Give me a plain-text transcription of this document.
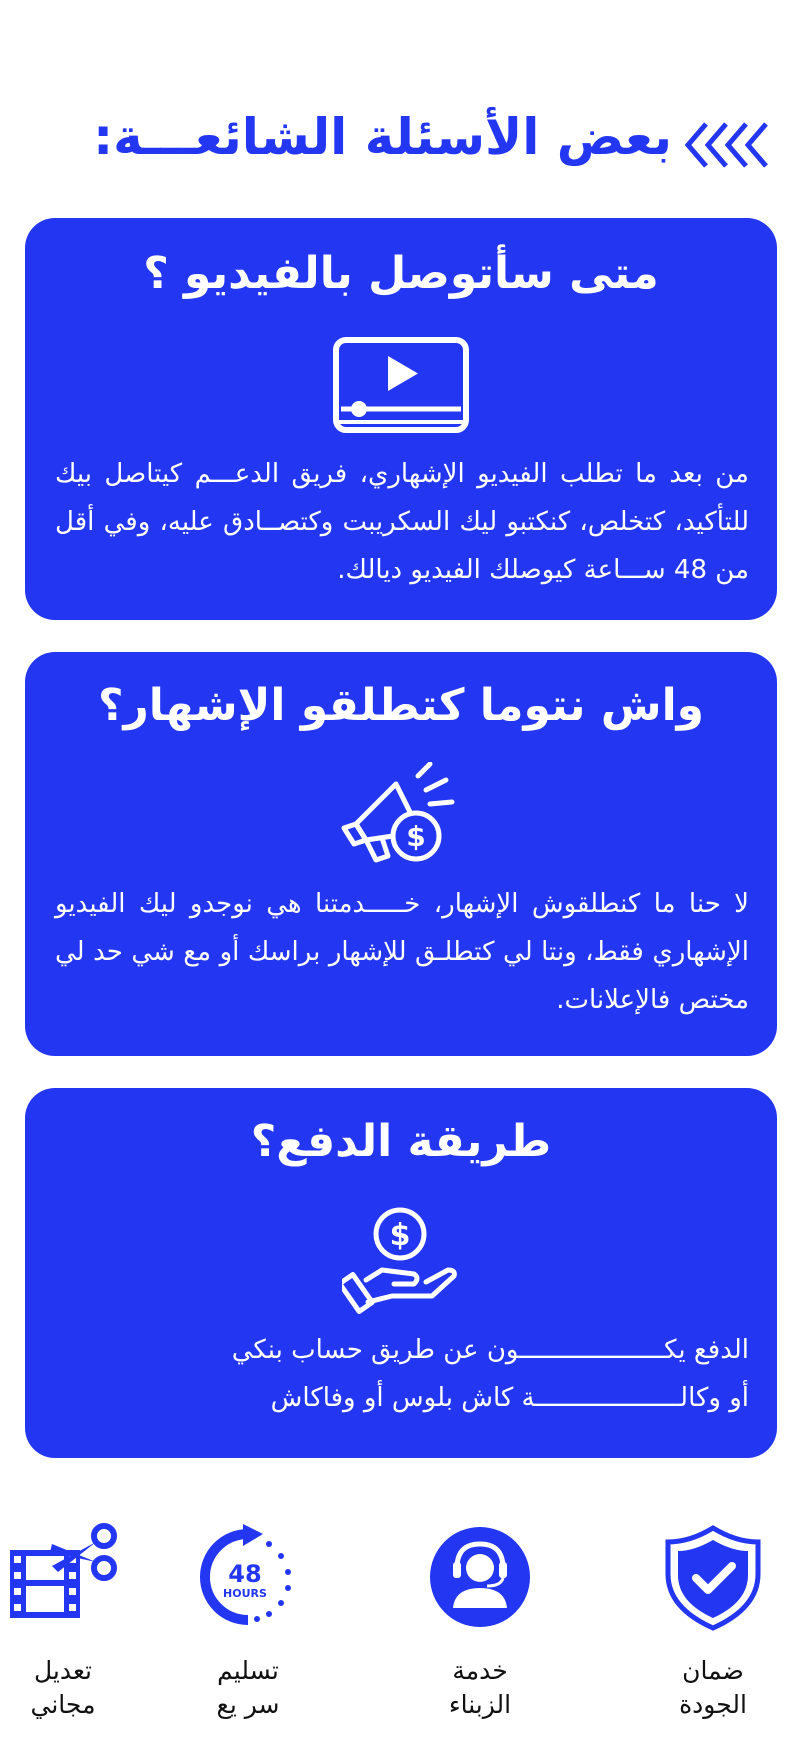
بعض الأسئلة الشائعـــة:
متى سأتوصل بالفيديو ؟
من بعد ما تطلب الفيديو الإشهاري، فريق الدعـــم كيتاصل بيك للتأكيد، كتخلص، كنكتبو ليك السكريبت وكتصــادق عليه، وفي أقل من 48 ســـاعة كيوصلك الفيديو ديالك.
واش نتوما كتطلقو الإشهار؟
$
لا حنا ما كنطلقوش الإشهار، خـــــدمتنا هي نوجدو ليك الفيديو الإشهاري فقط، ونتا لي كتطلـق للإشهار براسك أو مع شي حد لي مختص فالإعلانات.
طريقة الدفع؟
$
الدفع يكـــــــــــــــــــون عن طريق حساب بنكي
أو وكالـــــــــــــــــــة كاش بلوس أو وفاكاش
ضمان
الجودة
خدمة
الزبناء
48
HOURS
تسليم
سر يع
تعديل
مجاني
